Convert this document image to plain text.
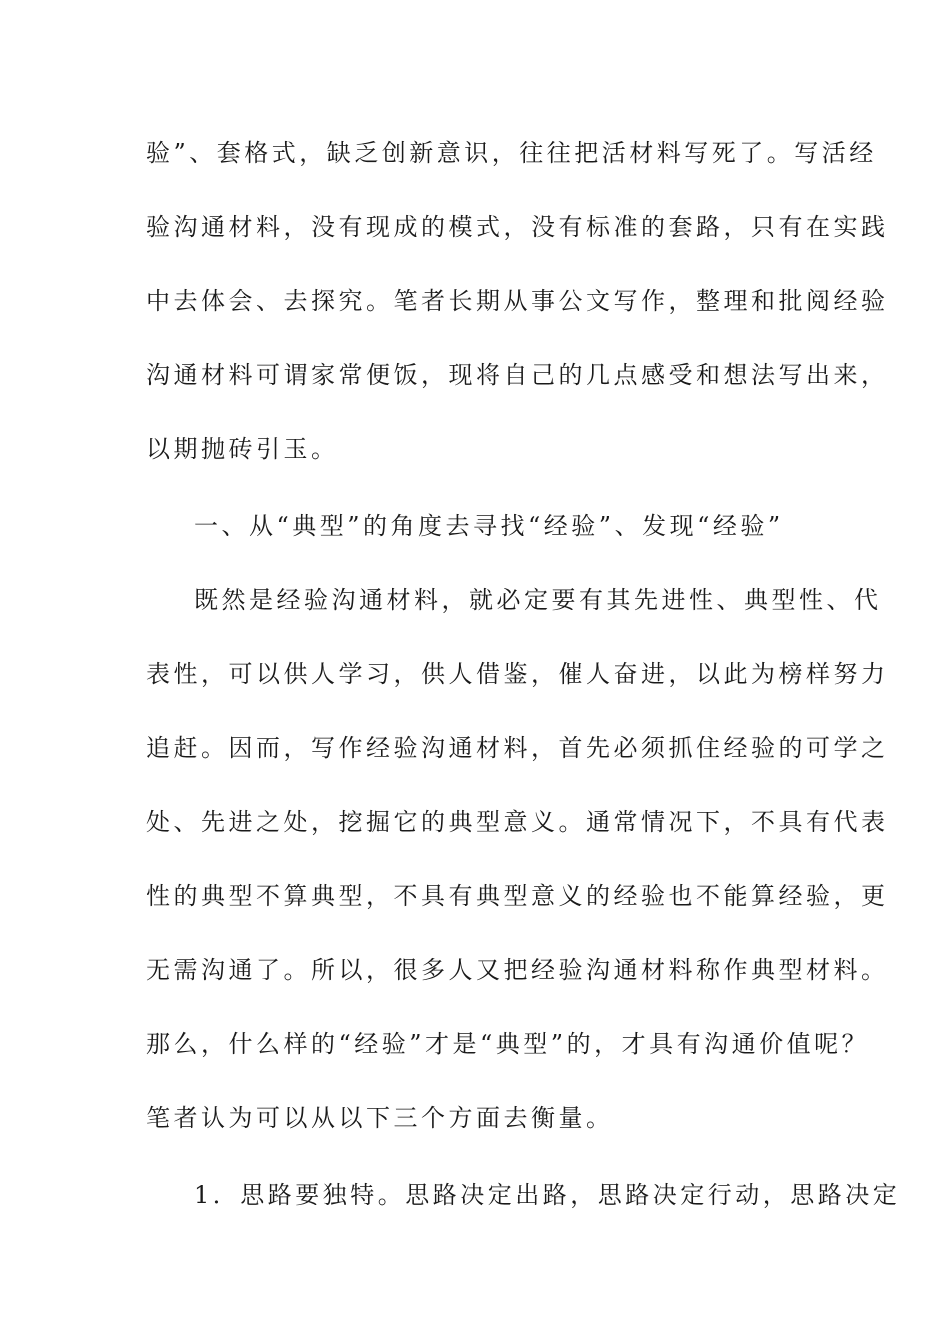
验”、套格式，缺乏创新意识，往往把活材料写死了。写活经

验沟通材料，没有现成的模式，没有标准的套路，只有在实践

中去体会、去探究。笔者长期从事公文写作，整理和批阅经验

沟通材料可谓家常便饭，现将自己的几点感受和想法写出来，

以期抛砖引玉。

一、从“典型”的角度去寻找“经验”、发现“经验”

既然是经验沟通材料，就必定要有其先进性、典型性、代

表性，可以供人学习，供人借鉴，催人奋进，以此为榜样努力

追赶。因而，写作经验沟通材料，首先必须抓住经验的可学之

处、先进之处，挖掘它的典型意义。通常情况下，不具有代表

性的典型不算典型，不具有典型意义的经验也不能算经验，更

无需沟通了。所以，很多人又把经验沟通材料称作典型材料。

那么，什么样的“经验”才是“典型”的，才具有沟通价值呢？

笔者认为可以从以下三个方面去衡量。

1．思路要独特。思路决定出路，思路决定行动，思路决定
